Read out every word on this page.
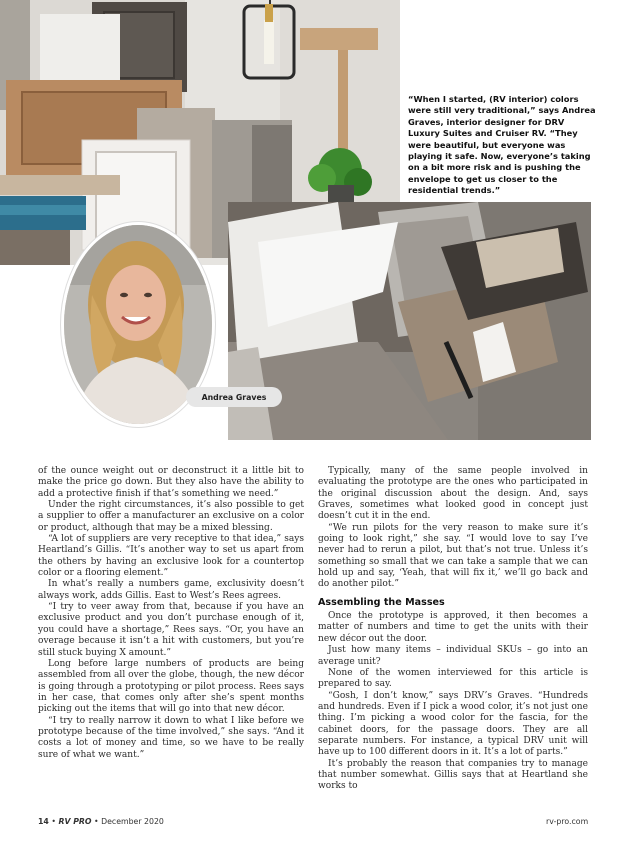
“When I started, (RV interior) colors were still very traditional,” says Andrea Graves, interior designer for DRV Luxury Suites and Cruiser RV. “They were beautiful, but everyone was playing it safe. Now, everyone’s taking on a bit more risk and is pushing the envelope to get us closer to the residential trends.”
Andrea Graves

of the ounce weight out or deconstruct it a little bit to make the price go down. But they also have the ability to add a protective finish if that’s something we need.”

Under the right circumstances, it’s also possible to get a supplier to offer a manufacturer an exclusive on a color or product, although that may be a mixed blessing.

“A lot of suppliers are very receptive to that idea,” says Heartland’s Gillis. “It’s another way to set us apart from the others by having an exclusive look for a countertop color or a flooring element.”

In what’s really a numbers game, exclusivity doesn’t always work, adds Gillis. East to West’s Rees agrees.

“I try to veer away from that, because if you have an exclusive product and you don’t purchase enough of it, you could have a shortage,” Rees says. “Or, you have an overage because it isn’t a hit with customers, but you’re still stuck buying X amount.”

Long before large numbers of products are being assembled from all over the globe, though, the new décor is going through a prototyping or pilot process. Rees says in her case, that comes only after she’s spent months picking out the items that will go into that new décor.

“I try to really narrow it down to what I like before we prototype because of the time involved,” she says. “And it costs a lot of money and time, so we have to be really sure of what we want.”

Typically, many of the same people involved in evaluating the prototype are the ones who participated in the original discussion about the design. And, says Graves, sometimes what looked good in concept just doesn’t cut it in the end.

“We run pilots for the very reason to make sure it’s going to look right,” she say. “I would love to say I’ve never had to rerun a pilot, but that’s not true. Unless it’s something so small that we can take a sample that we can hold up and say, ‘Yeah, that will fix it,’ we’ll go back and do another pilot.”

Assembling the Masses

Once the prototype is approved, it then becomes a matter of numbers and time to get the units with their new décor out the door.

Just how many items – individual SKUs – go into an average unit?

None of the women interviewed for this article is prepared to say.

“Gosh, I don’t know,” says DRV’s Graves. “Hundreds and hundreds. Even if I pick a wood color, it’s not just one thing. I’m picking a wood color for the fascia, for the cabinet doors, for the passage doors. They are all separate numbers. For instance, a typical DRV unit will have up to 100 different doors in it. It’s a lot of parts.”

It’s probably the reason that companies try to manage that number somewhat. Gillis says that at Heartland she works to

14 • RV PRO • December 2020	rv-pro.com
